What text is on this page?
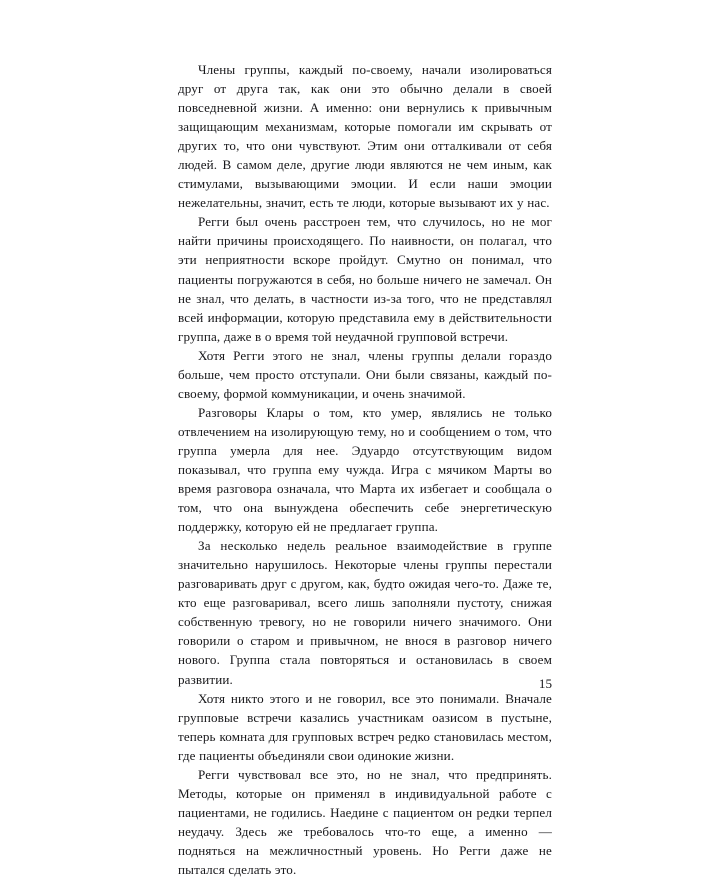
Члены группы, каждый по-своему, начали изолироваться друг от друга так, как они это обычно делали в своей повседневной жизни. А именно: они вернулись к привычным защищающим механизмам, которые помогали им скрывать от других то, что они чувствуют. Этим они отталкивали от себя людей. В самом деле, другие люди являются не чем иным, как стимулами, вызывающими эмоции. И если наши эмоции нежелательны, значит, есть те люди, которые вызывают их у нас.

Регги был очень расстроен тем, что случилось, но не мог найти причины происходящего. По наивности, он полагал, что эти неприятности вскоре пройдут. Смутно он понимал, что пациенты погружаются в себя, но больше ничего не замечал. Он не знал, что делать, в частности из-за того, что не представлял всей информации, которую представила ему в действительности группа, даже в о время той неудачной групповой встречи.

Хотя Регги этого не знал, члены группы делали гораздо больше, чем просто отступали. Они были связаны, каждый по-своему, формой коммуникации, и очень значимой.

Разговоры Клары о том, кто умер, являлись не только отвлечением на изолирующую тему, но и сообщением о том, что группа умерла для нее. Эдуардо отсутствующим видом показывал, что группа ему чужда. Игра с мячиком Марты во время разговора означала, что Марта их избегает и сообщала о том, что она вынуждена обеспечить себе энергетическую поддержку, которую ей не предлагает группа.

За несколько недель реальное взаимодействие в группе значительно нарушилось. Некоторые члены группы перестали разговаривать друг с другом, как, будто ожидая чего-то. Даже те, кто еще разговаривал, всего лишь заполняли пустоту, снижая собственную тревогу, но не говорили ничего значимого. Они говорили о старом и привычном, не внося в разговор ничего нового. Группа стала повторяться и остановилась в своем развитии.

Хотя никто этого и не говорил, все это понимали. Вначале групповые встречи казались участникам оазисом в пустыне, теперь комната для групповых встреч редко становилась местом, где пациенты объединяли свои одинокие жизни.

Регги чувствовал все это, но не знал, что предпринять. Методы, которые он применял в индивидуальной работе с пациентами, не годились. Наедине с пациентом он редки терпел неудачу. Здесь же требовалось что-то еще, а именно — подняться на межличностный уровень. Но Регги даже не пытался сделать это.

15
